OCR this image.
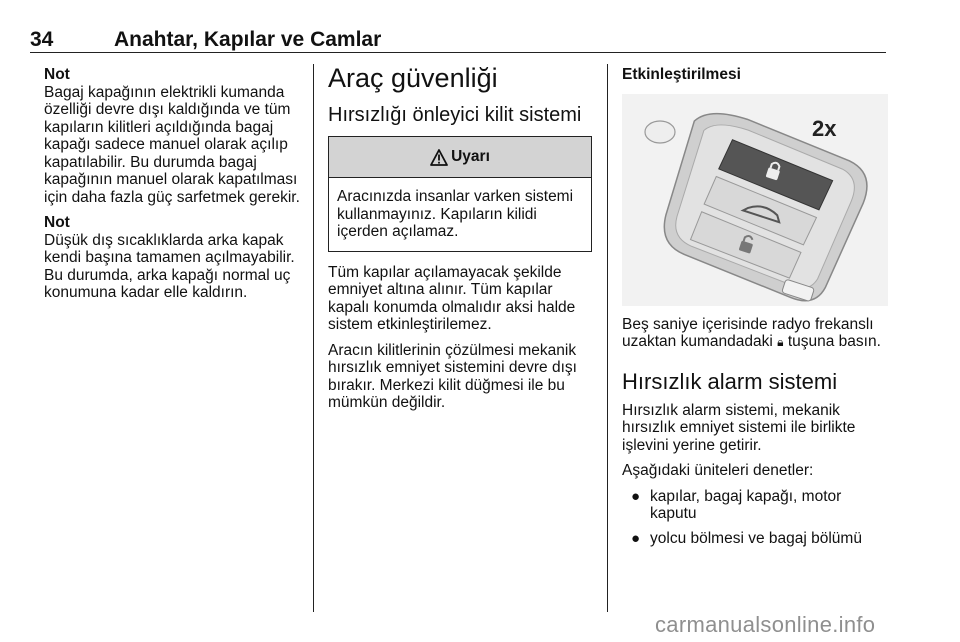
34	Anahtar, Kapılar ve Camlar
Not
Bagaj kapağının elektrikli kumanda özelliği devre dışı kaldığında ve tüm kapıların kilitleri açıldığında bagaj kapağı sadece manuel olarak açılıp kapatılabilir. Bu durumda bagaj kapağının manuel olarak kapatılması için daha fazla güç sarfetmek gerekir.
Not
Düşük dış sıcaklıklarda arka kapak kendi başına tamamen açılmayabilir. Bu durumda, arka kapağı normal uç konumuna kadar elle kaldırın.
Araç güvenliği
Hırsızlığı önleyici kilit sistemi
Uyarı
Aracınızda insanlar varken sistemi kullanmayınız. Kapıların kilidi içerden açılamaz.

Tüm kapılar açılamayacak şekilde emniyet altına alınır. Tüm kapılar kapalı konumda olmalıdır aksi halde sistem etkinleştirilemez.

Aracın kilitlerinin çözülmesi mekanik hırsızlık emniyet sistemini devre dışı bırakır. Merkezi kilit düğmesi ile bu mümkün değildir.

Etkinleştirilmesi
2x

Beş saniye içerisinde radyo frekanslı uzaktan kumandadaki 🔒︎ tuşuna basın.

Hırsızlık alarm sistemi

Hırsızlık alarm sistemi, mekanik hırsızlık emniyet sistemi ile birlikte işlevini yerine getirir.

Aşağıdaki üniteleri denetler:

● kapılar, bagaj kapağı, motor kaputu
● yolcu bölmesi ve bagaj bölümü
carmanualsonline.info
